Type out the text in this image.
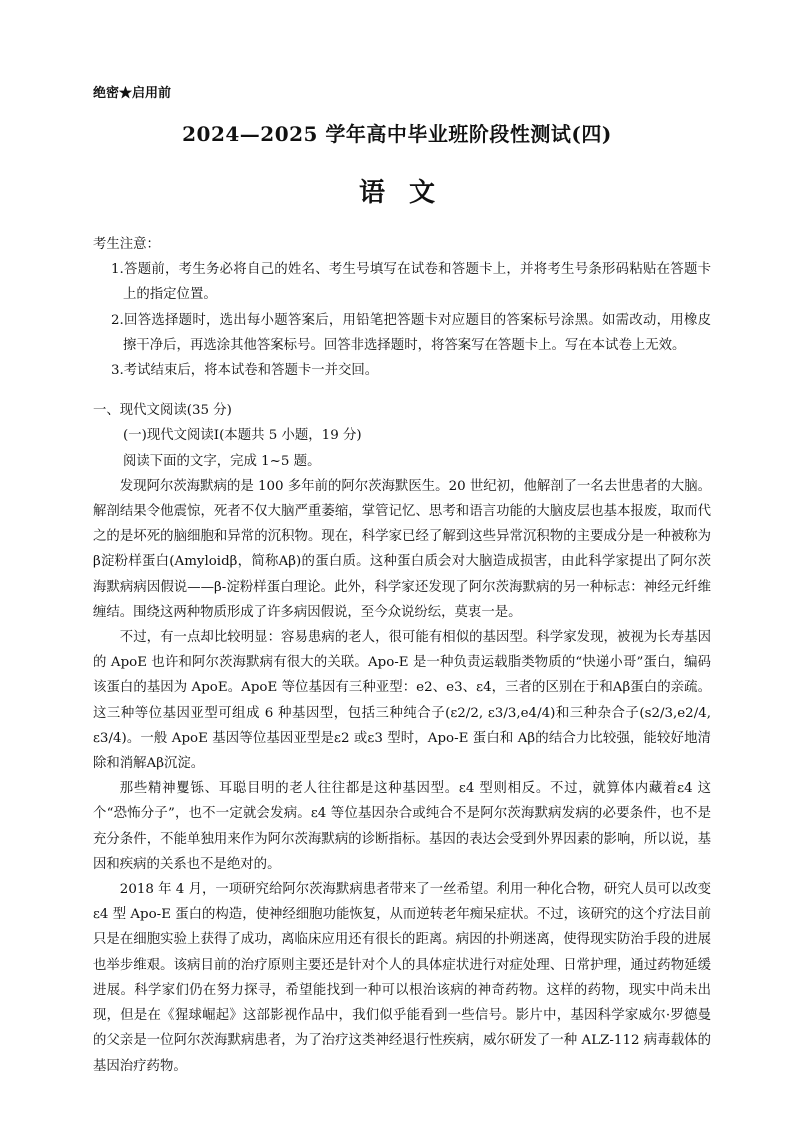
绝密★启用前
2024—2025 学年高中毕业班阶段性测试(四)
语文

考生注意：

1.答题前，考生务必将自己的姓名、考生号填写在试卷和答题卡上，并将考生号条形码粘贴在答题卡上的指定位置。

2.回答选择题时，选出每小题答案后，用铅笔把答题卡对应题目的答案标号涂黑。如需改动，用橡皮擦干净后，再选涂其他答案标号。回答非选择题时，将答案写在答题卡上。写在本试卷上无效。

3.考试结束后，将本试卷和答题卡一并交回。

一、现代文阅读(35 分)

(一)现代文阅读Ⅰ(本题共 5 小题，19 分)

阅读下面的文字，完成 1~5 题。

发现阿尔茨海默病的是 100 多年前的阿尔茨海默医生。20 世纪初，他解剖了一名去世患者的大脑。解剖结果令他震惊，死者不仅大脑严重萎缩，掌管记忆、思考和语言功能的大脑皮层也基本报废，取而代之的是坏死的脑细胞和异常的沉积物。现在，科学家已经了解到这些异常沉积物的主要成分是一种被称为β淀粉样蛋白(Amyloidβ，简称Aβ)的蛋白质。这种蛋白质会对大脑造成损害，由此科学家提出了阿尔茨海默病病因假说——β-淀粉样蛋白理论。此外，科学家还发现了阿尔茨海默病的另一种标志：神经元纤维缠结。围绕这两种物质形成了许多病因假说，至今众说纷纭，莫衷一是。

不过，有一点却比较明显：容易患病的老人，很可能有相似的基因型。科学家发现，被视为长寿基因的 ApoE 也许和阿尔茨海默病有很大的关联。Apo-E 是一种负责运载脂类物质的“快递小哥”蛋白，编码该蛋白的基因为 ApoE。ApoE 等位基因有三种亚型：e2、e3、ε4，三者的区别在于和Aβ蛋白的亲疏。这三种等位基因亚型可组成 6 种基因型，包括三种纯合子(ε2/2, ε3/3,e4/4)和三种杂合子(s2/3,e2/4, ε3/4)。一般 ApoE 基因等位基因亚型是ε2 或ε3 型时，Apo-E 蛋白和 Aβ的结合力比较强，能较好地清除和消解Aβ沉淀。

那些精神矍铄、耳聪目明的老人往往都是这种基因型。ε4 型则相反。不过，就算体内藏着ε4 这个“恐怖分子”，也不一定就会发病。ε4 等位基因杂合或纯合不是阿尔茨海默病发病的必要条件，也不是充分条件，不能单独用来作为阿尔茨海默病的诊断指标。基因的表达会受到外界因素的影响，所以说，基因和疾病的关系也不是绝对的。

2018 年 4 月，一项研究给阿尔茨海默病患者带来了一丝希望。利用一种化合物，研究人员可以改变ε4 型 Apo-E 蛋白的构造，使神经细胞功能恢复，从而逆转老年痴呆症状。不过，该研究的这个疗法目前只是在细胞实验上获得了成功，离临床应用还有很长的距离。病因的扑朔迷离，使得现实防治手段的进展也举步维艰。该病目前的治疗原则主要还是针对个人的具体症状进行对症处理、日常护理，通过药物延缓进展。科学家们仍在努力探寻，希望能找到一种可以根治该病的神奇药物。这样的药物，现实中尚未出现，但是在《猩球崛起》这部影视作品中，我们似乎能看到一些信号。影片中，基因科学家威尔·罗德曼的父亲是一位阿尔茨海默病患者，为了治疗这类神经退行性疾病，威尔研发了一种 ALZ-112 病毒载体的基因治疗药物。
